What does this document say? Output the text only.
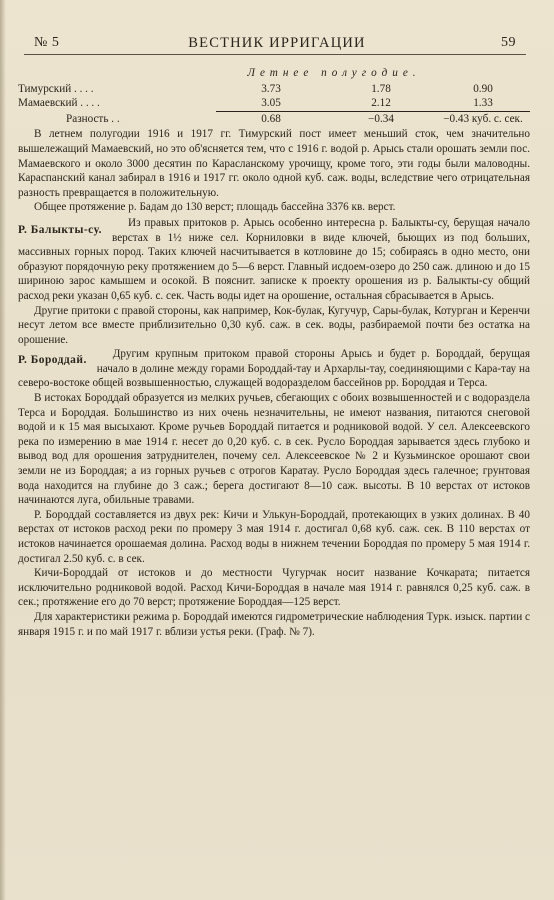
№ 5	ВЕСТНИК ИРРИГАЦИИ	59
Летнее полугодие.
Тимурский . . . .	3.73	1.78	0.90
Мамаевский . . . .	3.05	2.12	1.33
Разность . .	0.68	−0.34	−0.43 куб. с. сек.

В летнем полугодии 1916 и 1917 гг. Тимурский пост имеет меньший сток, чем значительно вышележащий Мамаевский, но это об'ясняется тем, что с 1916 г. водой р. Арысь стали орошать земли пос. Мамаевского и около 3000 десятин по Карасланскому урочищу, кроме того, эти годы были маловодны. Караспанский канал забирал в 1916 и 1917 гг. около одной куб. саж. воды, вследствие чего отрицательная разность превращается в положительную.

Общее протяжение р. Бадам до 130 верст; площадь бассейна 3376 кв. верст.

Р. Балыкты-су.

Из правых притоков р. Арысь особенно интересна р. Балыкты-су, берущая начало верстах в 1½ ниже сел. Корниловки в виде ключей, бьющих из под больших, массивных горных пород. Таких ключей насчитывается в котловине до 15; собираясь в одно место, они образуют порядочную реку протяжением до 5—6 верст. Главный исдоем-озеро до 250 саж. длиною и до 15 шириною зарос камышем и осокой. В пояснит. записке к проекту орошения из р. Балыкты-су общий расход реки указан 0,65 куб. с. сек. Часть воды идет на орошение, остальная сбрасывается в Арысь.

Другие притоки с правой стороны, как например, Кок-булак, Кугучур, Сары-булак, Котурган и Керенчи несут летом все вместе приблизительно 0,30 куб. саж. в сек. воды, разбираемой почти без остатка на орошение.

Р. Бороддай.	Другим крупным притоком правой стороны Арысь и будет р. Бороддай, берущая начало в долине между горами Бороддай-тау и Архарлы-тау, соединяющими с Кара-тау на северо-востоке общей возвышенностью, служащей водоразделом бассейнов рр. Бороддая и Терса.

В истоках Бороддай образуется из мелких ручьев, сбегающих с обоих возвышенностей и с водораздела Терса и Бороддая. Большинство из них очень незначительны, не имеют названия, питаются снеговой водой и к 15 мая высыхают. Кроме ручьев Бороддай питается и родниковой водой. У сел. Алексеевского река по измерению в мае 1914 г. несет до 0,20 куб. с. в сек. Русло Бороддая зарывается здесь глубоко и вывод вод для орошения затруднителен, почему сел. Алексеевское № 2 и Кузьминское орошают свои земли не из Бороддая; а из горных ручьев с отрогов Каратау. Русло Бороддая здесь галечное; грунтовая вода находится на глубине до 3 саж.; берега достигают 8—10 саж. высоты. В 10 верстах от истоков начинаются луга, обильные травами.

Р. Бороддай составляется из двух рек: Кичи и Улькун-Бороддай, протекающих в узких долинах. В 40 верстах от истоков расход реки по промеру 3 мая 1914 г. достигал 0,68 куб. саж. сек. В 110 верстах от истоков начинается орошаемая долина. Расход воды в нижнем течении Бороддая по промеру 5 мая 1914 г. достигал 2.50 куб. с. в сек.

Кичи-Бороддай от истоков и до местности Чугурчак носит название Кочкарата; питается исключительно родниковой водой. Расход Кичи-Бороддая в начале мая 1914 г. равнялся 0,25 куб. саж. в сек.; протяжение его до 70 верст; протяжение Бороддая—125 верст.

Для характеристики режима р. Бороддай имеются гидрометрические наблюдения Турк. изыск. партии с января 1915 г. и по май 1917 г. вблизи устья реки. (Граф. № 7).
